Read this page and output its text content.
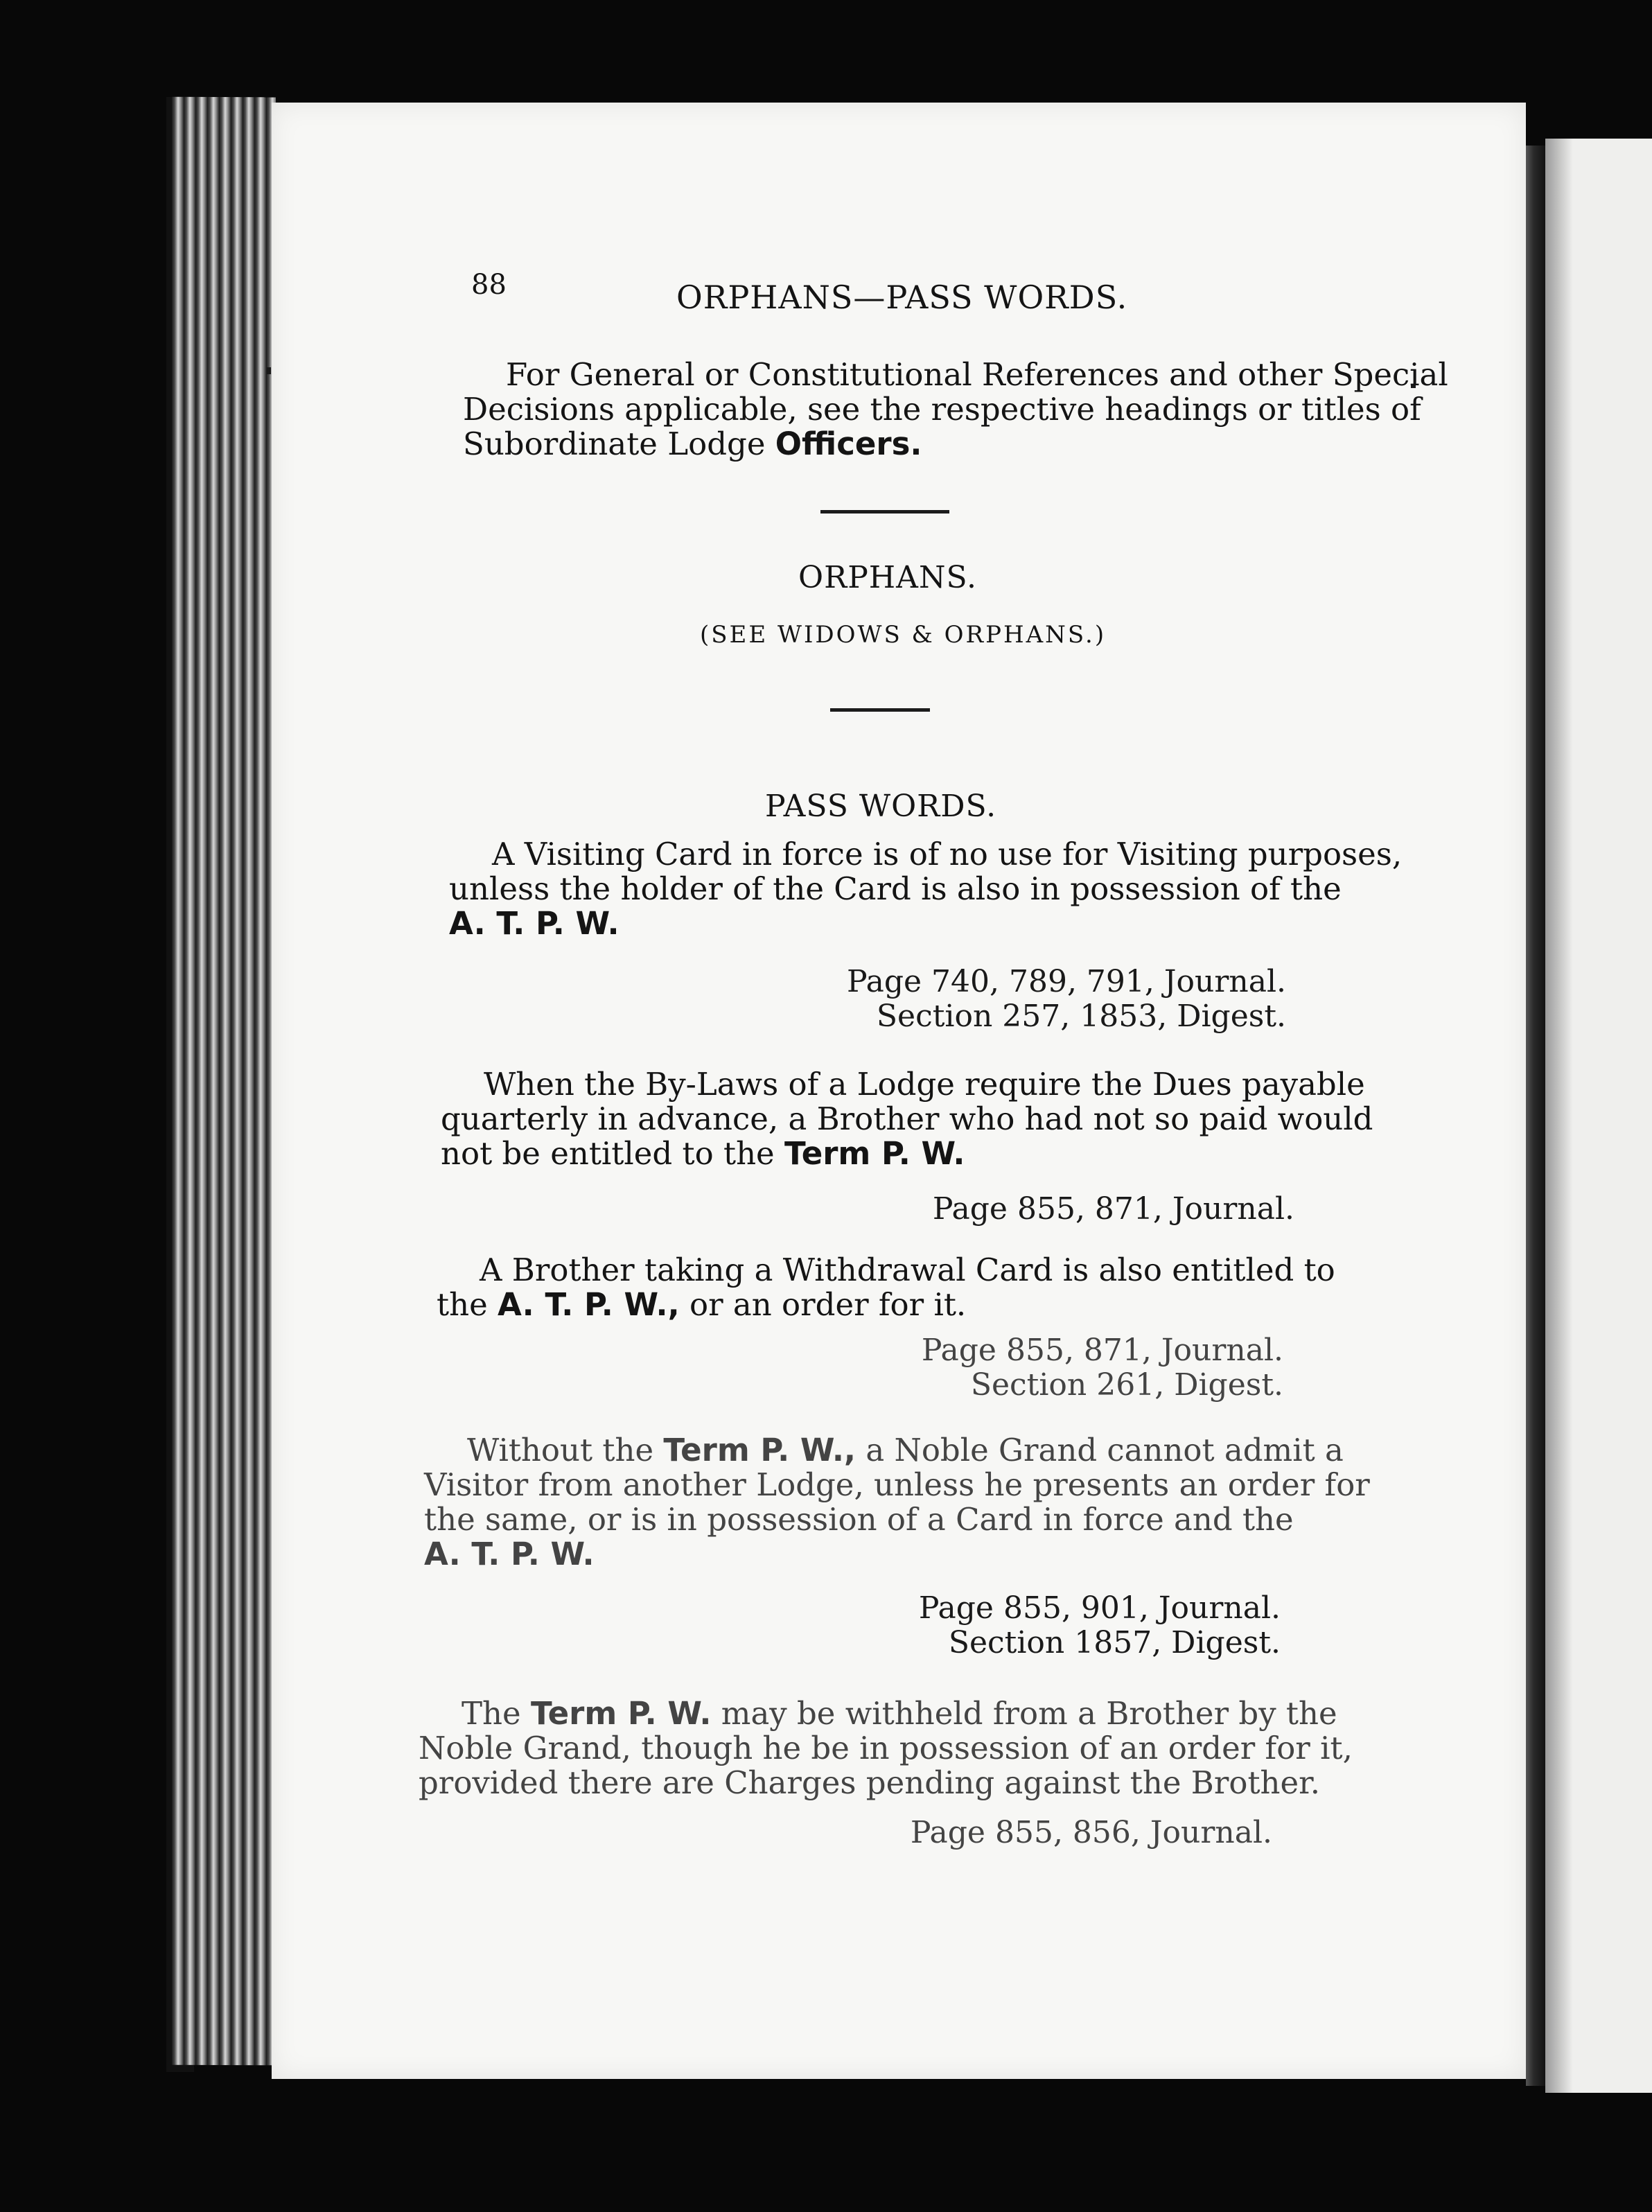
88	ORPHANS—PASS WORDS.
For General or Constitutional References and other Special
Decisions applicable, see the respective headings or titles of
Subordinate Lodge Officers.
ORPHANS.
(SEE WIDOWS & ORPHANS.)
PASS WORDS.
A Visiting Card in force is of no use for Visiting purposes,
unless the holder of the Card is also in possession of the
A. T. P. W.
Page 740, 789, 791, Journal.
Section 257, 1853, Digest.
When the By-Laws of a Lodge require the Dues payable
quarterly in advance, a Brother who had not so paid would
not be entitled to the Term P. W.
Page 855, 871, Journal.
A Brother taking a Withdrawal Card is also entitled to
the A. T. P. W., or an order for it.
Page 855, 871, Journal.
Section 261, Digest.
Without the Term P. W., a Noble Grand cannot admit a
Visitor from another Lodge, unless he presents an order for
the same, or is in possession of a Card in force and the
A. T. P. W.
Page 855, 901, Journal.
Section 1857, Digest.
The Term P. W. may be withheld from a Brother by the
Noble Grand, though he be in possession of an order for it,
provided there are Charges pending against the Brother.
Page 855, 856, Journal.
